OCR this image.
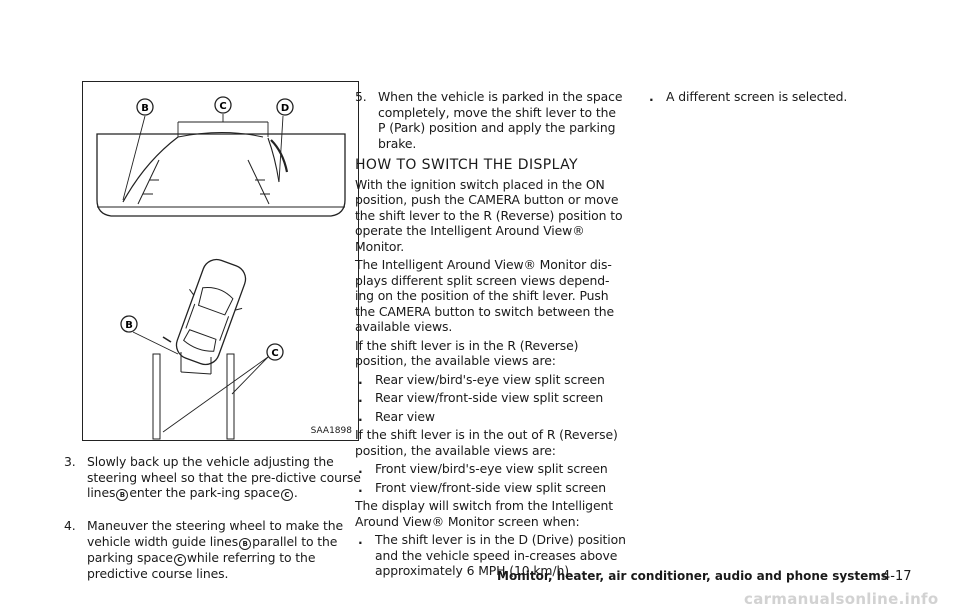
B	C	D
B
C
SAA1898
3. Slowly back up the vehicle adjusting the steering wheel so that the pre-dictive course lines B enter the park-ing space C .
4. Maneuver the steering wheel to make the vehicle width guide lines B parallel to the parking space C while referring to the predictive course lines.
5. When the vehicle is parked in the space completely, move the shift lever to the P (Park) position and apply the parking brake.
HOW TO SWITCH THE DISPLAY

With the ignition switch placed in the ON position, push the CAMERA button or move the shift lever to the R (Reverse) position to operate the Intelligent Around View® Monitor.

The Intelligent Around View® Monitor dis-plays different split screen views depend-ing on the position of the shift lever. Push the CAMERA button to switch between the available views.

If the shift lever is in the R (Reverse) position, the available views are:

. Rear view/bird's-eye view split screen
. Rear view/front-side view split screen
. Rear view

If the shift lever is in the out of R (Reverse) position, the available views are:

. Front view/bird's-eye view split screen
. Front view/front-side view split screen

The display will switch from the Intelligent Around View® Monitor screen when:

. The shift lever is in the D (Drive) position and the vehicle speed in-creases above approximately 6 MPH (10 km/h).
. A different screen is selected.
Monitor, heater, air conditioner, audio and phone systems
4-17
carmanualsonline.info
